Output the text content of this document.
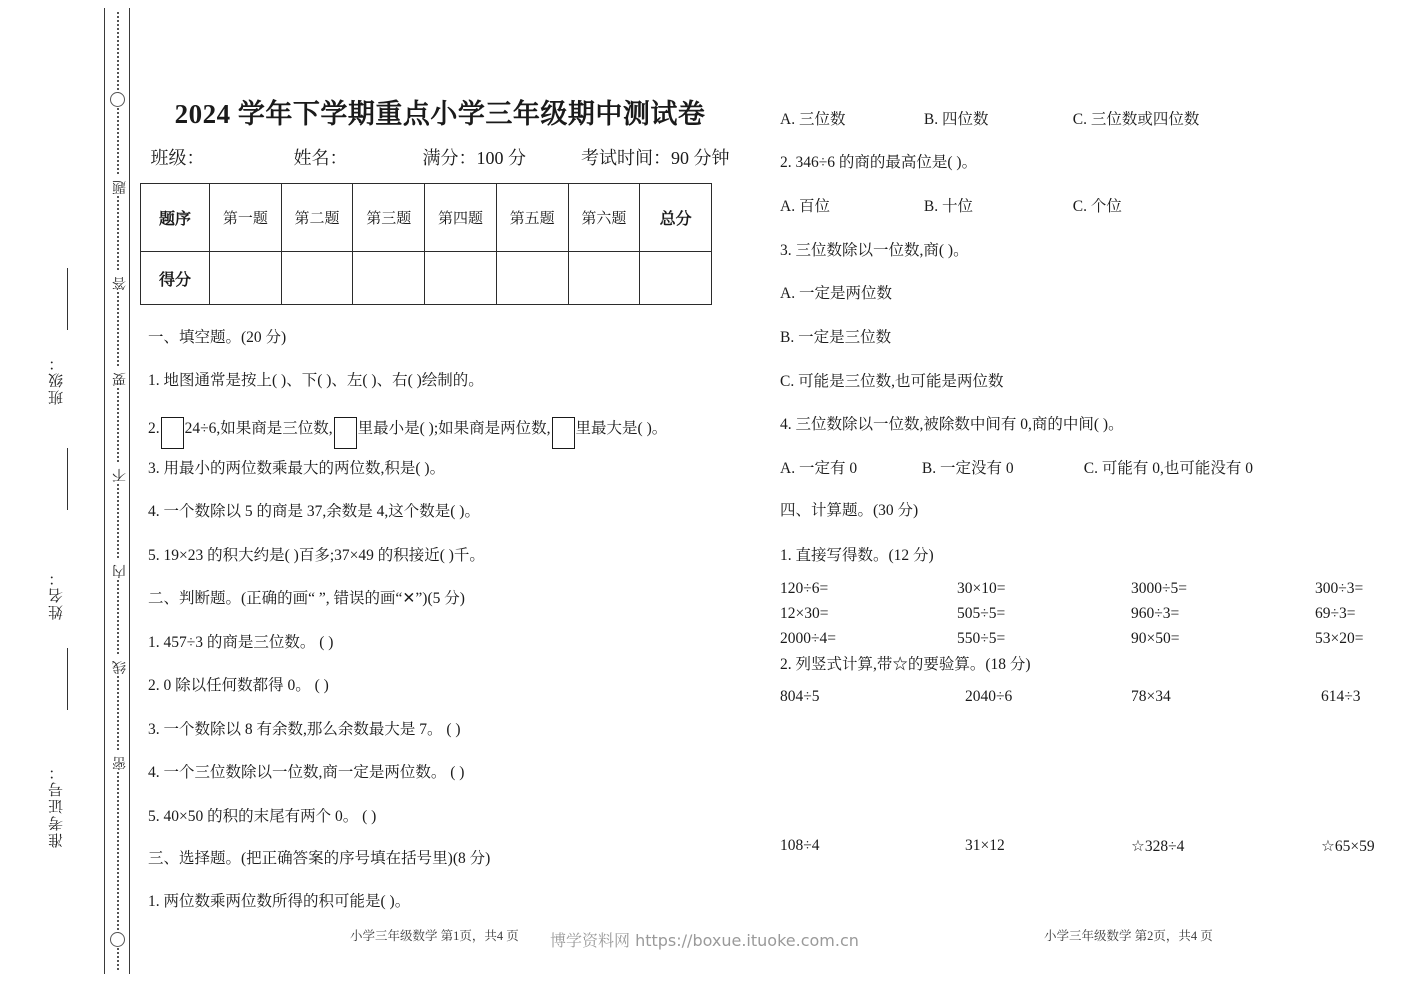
班级：
姓名：
准考证号：
题
答
要
不
内
线
密
2024 学年下学期重点小学三年级期中测试卷
班级：	姓名：	满分：100 分	考试时间：90 分钟
题序	第一题	第二题	第三题	第四题	第五题	第六题	总分
得分							
一、填空题。(20 分)
1. 地图通常是按上( )、下( )、左( )、右( )绘制的。
2. 24÷6,如果商是三位数, 里最小是( );如果商是两位数, 里最大是( )。
3. 用最小的两位数乘最大的两位数,积是( )。
4. 一个数除以 5 的商是 37,余数是 4,这个数是( )。
5. 19×23 的积大约是( )百多;37×49 的积接近( )千。
二、判断题。(正确的画“ ”, 错误的画“✕”)(5 分)
1. 457÷3 的商是三位数。 ( )
2. 0 除以任何数都得 0。 ( )
3. 一个数除以 8 有余数,那么余数最大是 7。 ( )
4. 一个三位数除以一位数,商一定是两位数。 ( )
5. 40×50 的积的末尾有两个 0。 ( )
三、选择题。(把正确答案的序号填在括号里)(8 分)
1. 两位数乘两位数所得的积可能是( )。
小学三年级数学 第1页，共4 页
A. 三位数	B. 四位数	C. 三位数或四位数
2. 346÷6 的商的最高位是( )。
A. 百位	B. 十位	C. 个位
3. 三位数除以一位数,商( )。
A. 一定是两位数
B. 一定是三位数
C. 可能是三位数,也可能是两位数
4. 三位数除以一位数,被除数中间有 0,商的中间( )。
A. 一定有 0	B. 一定没有 0	C. 可能有 0,也可能没有 0
四、计算题。(30 分)
1. 直接写得数。(12 分)
120÷6=	30×10=	3000÷5=	300÷3=
12×30=	505÷5=	960÷3=	69÷3=
2000÷4=	550÷5=	90×50=	53×20=
2. 列竖式计算,带☆的要验算。(18 分)
804÷5	2040÷6	78×34	614÷3
108÷4	31×12	☆328÷4	☆65×59
小学三年级数学 第2页，共4 页
博学资料网 https://boxue.ituoke.com.cn
